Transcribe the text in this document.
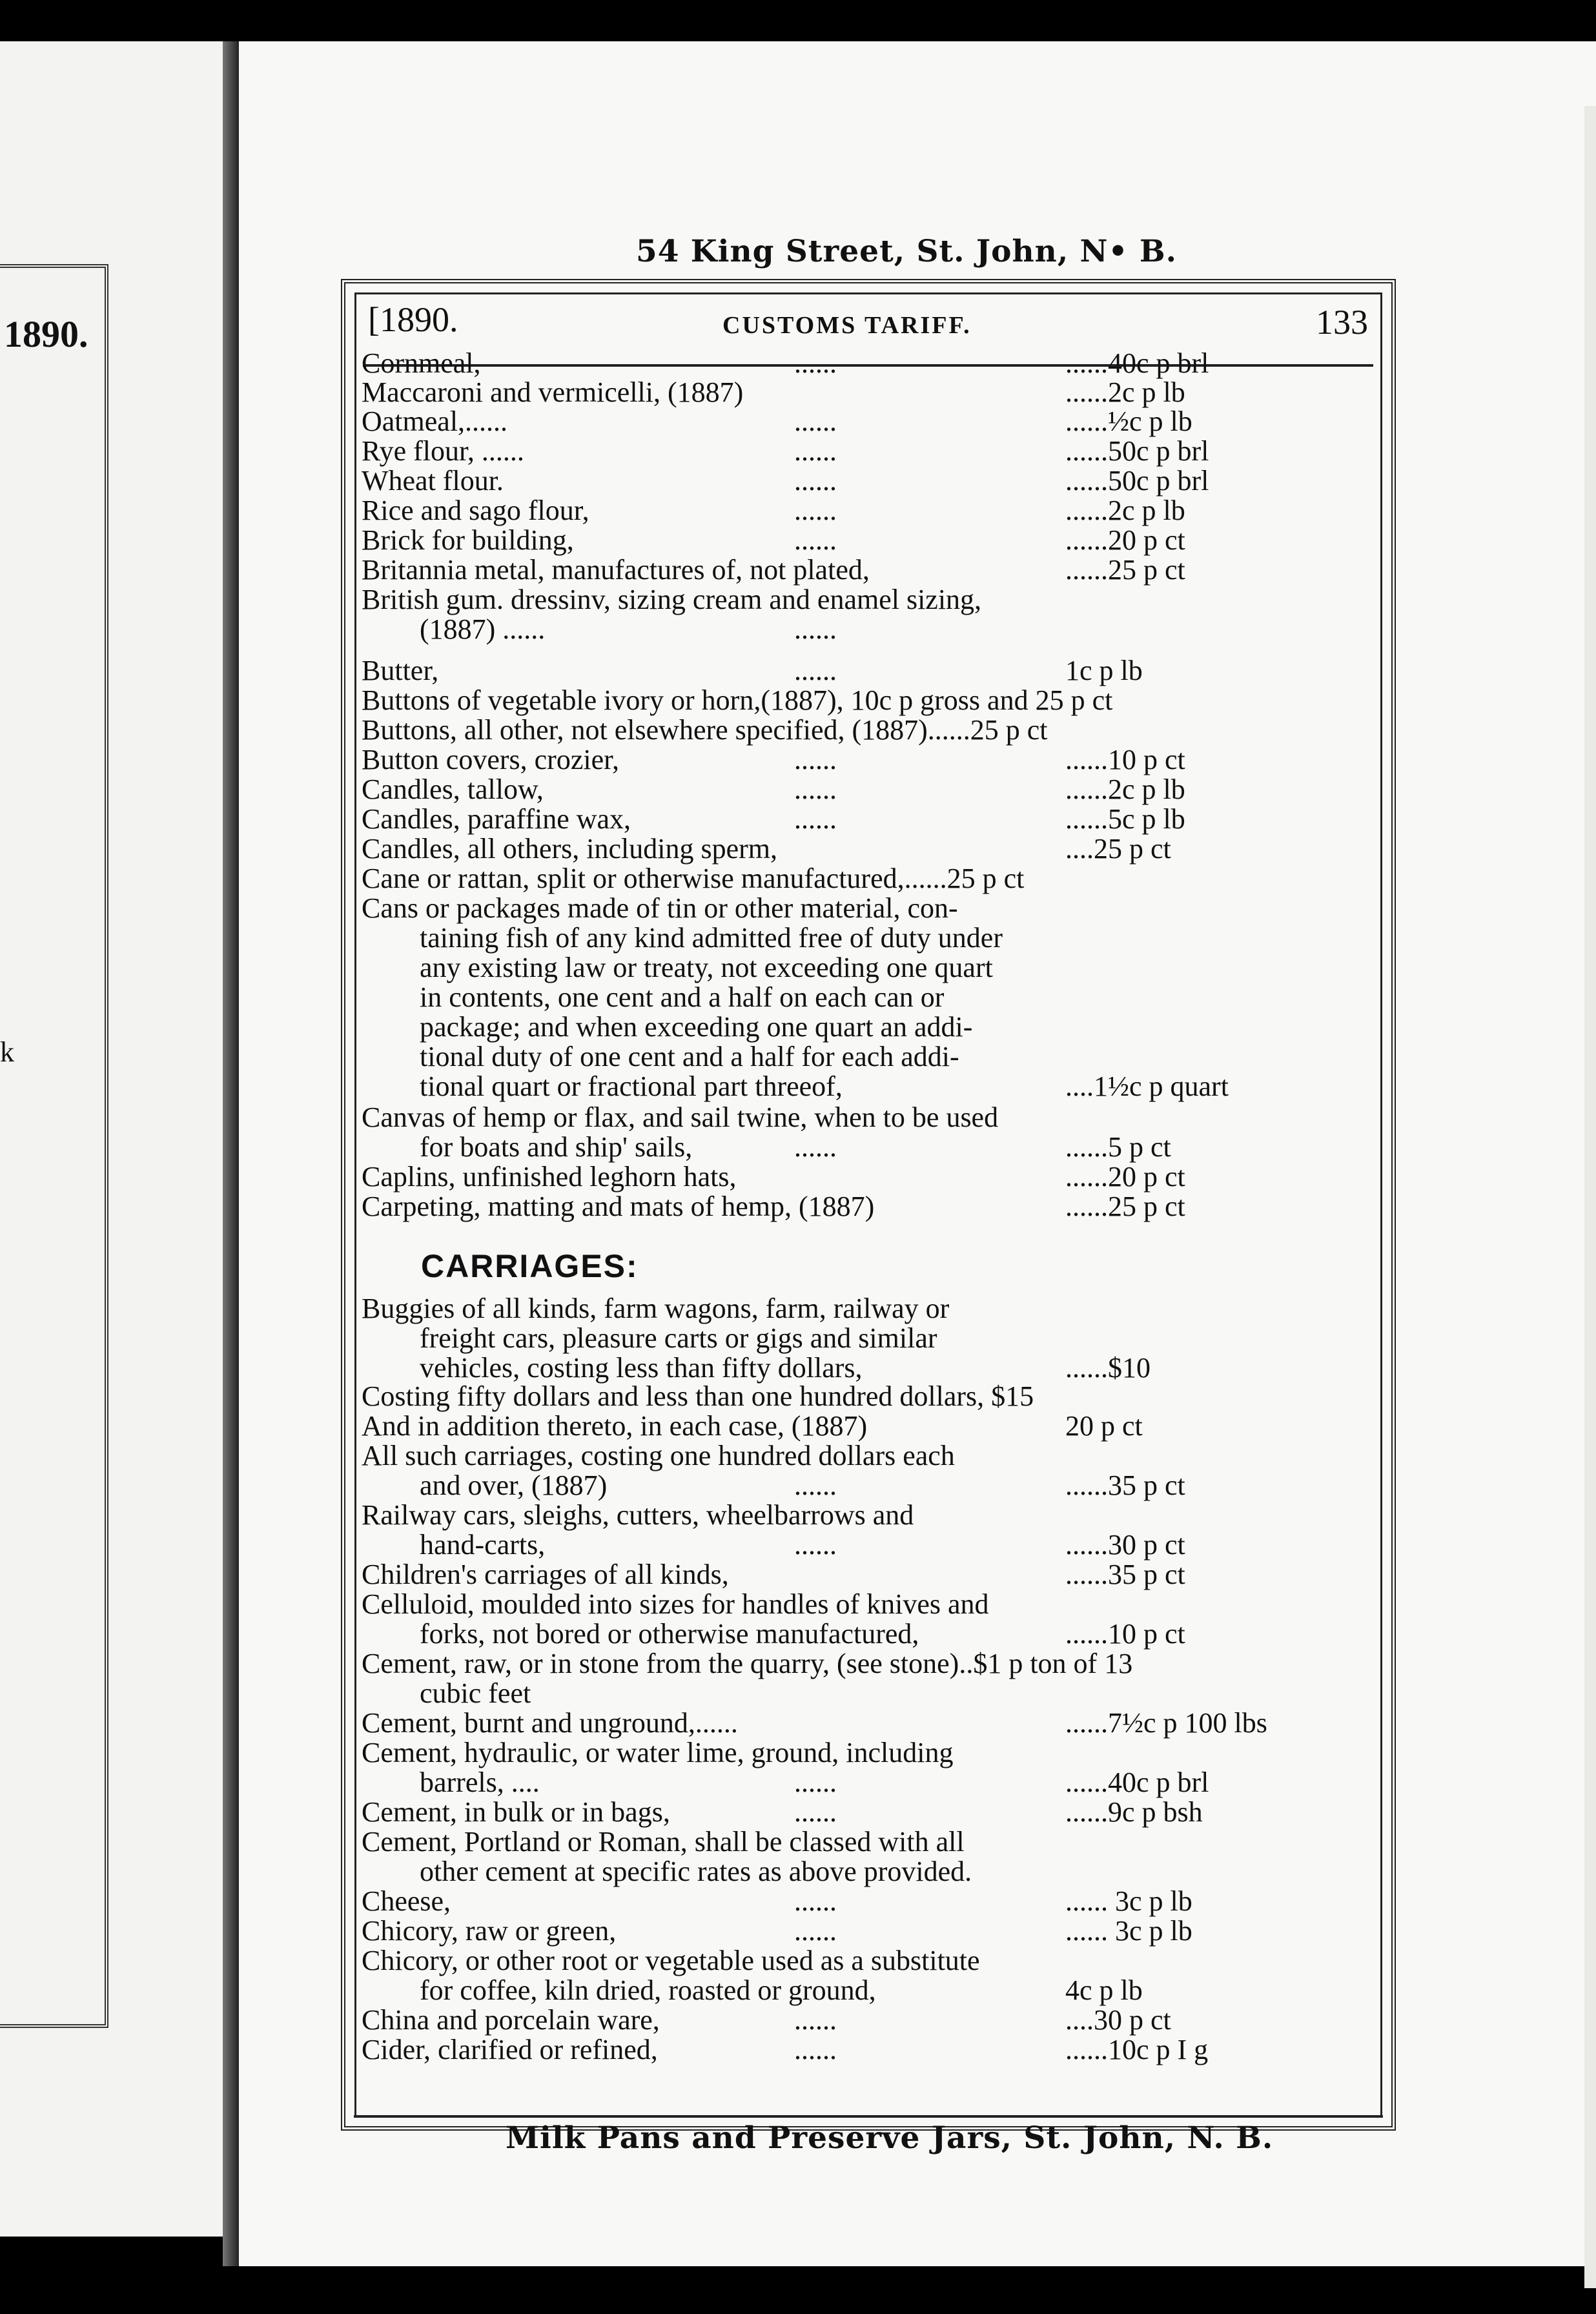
1890.
k
54 King Street, St. John, N• B.
[1890.	CUSTOMS TARIFF.	133
CARRIAGES:
Cornmeal,	......	......40c p brl
Maccaroni and vermicelli, (1887)	......2c p lb
Oatmeal,......	......	......½c p lb
Rye flour, ......	......	......50c p brl
Wheat flour.	......	......50c p brl
Rice and sago flour,	......	......2c p lb
Brick for building,	......	......20 p ct
Britannia metal, manufactures of, not plated,	......25 p ct
British gum. dressinv, sizing cream and enamel sizing,
(1887) ......	......
Butter,	......	1c p lb
Buttons of vegetable ivory or horn,(1887), 10c p gross and 25 p ct
Buttons, all other, not elsewhere specified, (1887)......25 p ct
Button covers, crozier,	......	......10 p ct
Candles, tallow,	......	......2c p lb
Candles, paraffine wax,	......	......5c p lb
Candles, all others, including sperm,	....25 p ct
Cane or rattan, split or otherwise manufactured,......25 p ct
Cans or packages made of tin or other material, con-
taining fish of any kind admitted free of duty under
any existing law or treaty, not exceeding one quart
in contents, one cent and a half on each can or
package; and when exceeding one quart an addi-
tional duty of one cent and a half for each addi-
tional quart or fractional part threeof,	....1½c p quart
Canvas of hemp or flax, and sail twine, when to be used
for boats and ship' sails,	......	......5 p ct
Caplins, unfinished leghorn hats,	......20 p ct
Carpeting, matting and mats of hemp, (1887)	......25 p ct
Buggies of all kinds, farm wagons, farm, railway or
freight cars, pleasure carts or gigs and similar
vehicles, costing less than fifty dollars,	......$10
Costing fifty dollars and less than one hundred dollars, $15
And in addition thereto, in each case, (1887)	20 p ct
All such carriages, costing one hundred dollars each
and over, (1887)	......	......35 p ct
Railway cars, sleighs, cutters, wheelbarrows and
hand-carts,	......	......30 p ct
Children's carriages of all kinds,	......35 p ct
Celluloid, moulded into sizes for handles of knives and
forks, not bored or otherwise manufactured,	......10 p ct
Cement, raw, or in stone from the quarry, (see stone)..$1 p ton of 13
cubic feet
Cement, burnt and unground,......	......7½c p 100 lbs
Cement, hydraulic, or water lime, ground, including
barrels, ....	......	......40c p brl
Cement, in bulk or in bags,	......	......9c p bsh
Cement, Portland or Roman, shall be classed with all
other cement at specific rates as above provided.
Cheese,	......	...... 3c p lb
Chicory, raw or green,	......	...... 3c p lb
Chicory, or other root or vegetable used as a substitute
for coffee, kiln dried, roasted or ground,	4c p lb
China and porcelain ware,	......	....30 p ct
Cider, clarified or refined,	......	......10c p I g
Milk Pans and Preserve Jars, St. John, N. B.
